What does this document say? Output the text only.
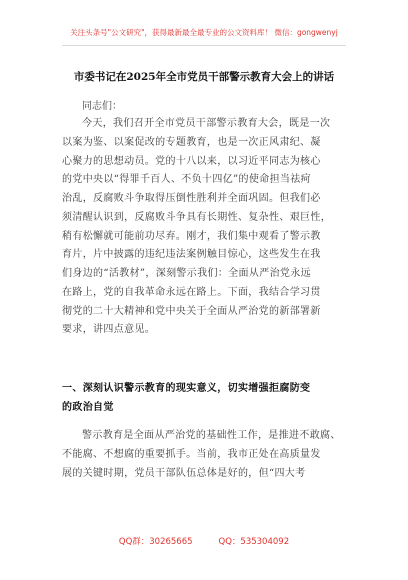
关注头条号"公文研究"，获得最新最全最专业的公文资料库！ 微信：gongwenyj
市委书记在2025年全市党员干部警示教育大会上的讲话
同志们：
今天，我们召开全市党员干部警示教育大会，既是一次
以案为鉴、以案促改的专题教育，也是一次正风肃纪、凝
心聚力的思想动员。党的十八以来，以习近平同志为核心
的党中央以“得罪千百人、不负十四亿”的使命担当祛疴
治乱，反腐败斗争取得压倒性胜利并全面巩固。但我们必
须清醒认识到，反腐败斗争具有长期性、复杂性、艰巨性，
稍有松懈就可能前功尽弃。刚才，我们集中观看了警示教
育片，片中披露的违纪违法案例触目惊心，这些发生在我
们身边的“活教材”，深刻警示我们：全面从严治党永远
在路上，党的自我革命永远在路上。下面，我结合学习贯
彻党的二十大精神和党中央关于全面从严治党的新部署新
要求，讲四点意见。
一、深刻认识警示教育的现实意义，切实增强拒腐防变
的政治自觉
警示教育是全面从严治党的基础性工作，是推进不敢腐、
不能腐、不想腐的重要抓手。当前，我市正处在高质量发
展的关键时期，党员干部队伍总体是好的，但“四大考
QQ群：30265665	QQ：535304092
